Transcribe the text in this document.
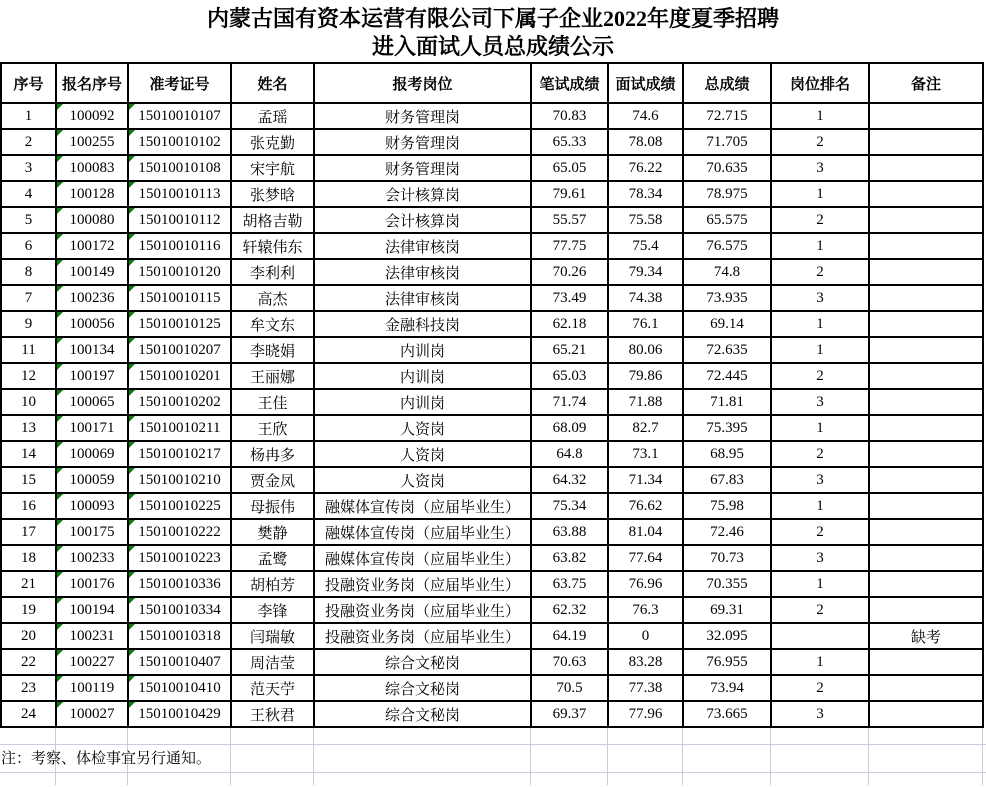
内蒙古国有资本运营有限公司下属子企业2022年度夏季招聘
进入面试人员总成绩公示
序号	报名序号	准考证号	姓名	报考岗位	笔试成绩	面试成绩	总成绩	岗位排名	备注
1	100092	15010010107	孟瑶	财务管理岗	70.83	74.6	72.715	1	
2	100255	15010010102	张克勤	财务管理岗	65.33	78.08	71.705	2	
3	100083	15010010108	宋宇航	财务管理岗	65.05	76.22	70.635	3	
4	100128	15010010113	张梦晗	会计核算岗	79.61	78.34	78.975	1	
5	100080	15010010112	胡格吉勒	会计核算岗	55.57	75.58	65.575	2	
6	100172	15010010116	轩辕伟东	法律审核岗	77.75	75.4	76.575	1	
8	100149	15010010120	李利利	法律审核岗	70.26	79.34	74.8	2	
7	100236	15010010115	高杰	法律审核岗	73.49	74.38	73.935	3	
9	100056	15010010125	牟文东	金融科技岗	62.18	76.1	69.14	1	
11	100134	15010010207	李晓娟	内训岗	65.21	80.06	72.635	1	
12	100197	15010010201	王丽娜	内训岗	65.03	79.86	72.445	2	
10	100065	15010010202	王佳	内训岗	71.74	71.88	71.81	3	
13	100171	15010010211	王欣	人资岗	68.09	82.7	75.395	1	
14	100069	15010010217	杨冉多	人资岗	64.8	73.1	68.95	2	
15	100059	15010010210	贾金凤	人资岗	64.32	71.34	67.83	3	
16	100093	15010010225	母振伟	融媒体宣传岗（应届毕业生）	75.34	76.62	75.98	1	
17	100175	15010010222	樊静	融媒体宣传岗（应届毕业生）	63.88	81.04	72.46	2	
18	100233	15010010223	孟鹭	融媒体宣传岗（应届毕业生）	63.82	77.64	70.73	3	
21	100176	15010010336	胡柏芳	投融资业务岗（应届毕业生）	63.75	76.96	70.355	1	
19	100194	15010010334	李锋	投融资业务岗（应届毕业生）	62.32	76.3	69.31	2	
20	100231	15010010318	闫瑞敏	投融资业务岗（应届毕业生）	64.19	0	32.095		缺考
22	100227	15010010407	周洁莹	综合文秘岗	70.63	83.28	76.955	1	
23	100119	15010010410	范天苧	综合文秘岗	70.5	77.38	73.94	2	
24	100027	15010010429	王秋君	综合文秘岗	69.37	77.96	73.665	3	
注：考察、体检事宜另行通知。
